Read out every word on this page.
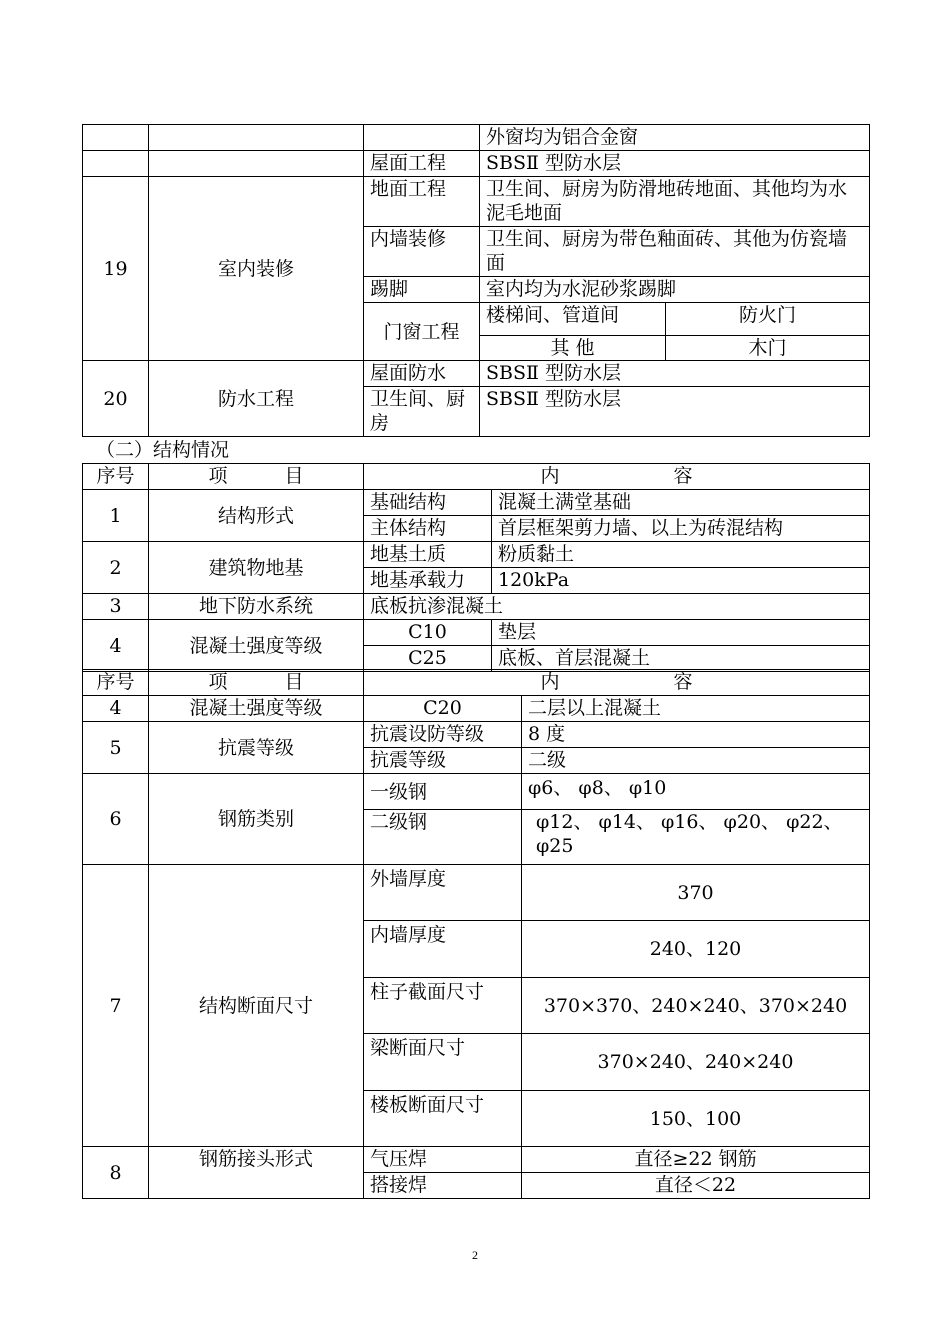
			外窗均为铝合金窗	
		屋面工程	SBSⅡ 型防水层	
19	室内装修	地面工程	卫生间、厨房为防滑地砖地面、其他均为水泥毛地面	
		内墙装修	卫生间、厨房为带色釉面砖、其他为仿瓷墙面	
		踢脚	室内均为水泥砂浆踢脚	
		门窗工程	楼梯间、管道间	防火门
			其 他	木门
20	防水工程	屋面防水	SBSⅡ 型防水层	
		卫生间、厨房	SBSⅡ 型防水层	
（二）结构情况
序号	项　　　目	内　　　　　　容	
1	结构形式	基础结构	混凝土满堂基础
		主体结构	首层框架剪力墙、以上为砖混结构
2	建筑物地基	地基土质	粉质黏土
		地基承载力	120kPa
3	地下防水系统	底板抗渗混凝土	
4	混凝土强度等级	C10	垫层
		C25	底板、首层混凝土
序号	项　　　目	内　　　　　　容	
4	混凝土强度等级	C20	二层以上混凝土
5	抗震等级	抗震设防等级	8 度
		抗震等级	二级
6	钢筋类别	一级钢	φ6、 φ8、 φ10
		二级钢	φ12、 φ14、 φ16、 φ20、 φ22、φ25
7	结构断面尺寸	外墙厚度	370
		内墙厚度	240、120
		柱子截面尺寸	370×370、240×240、370×240
		梁断面尺寸	370×240、240×240
		楼板断面尺寸	150、100
8	钢筋接头形式	气压焊	直径≥22 钢筋
		搭接焊	直径＜22
2
